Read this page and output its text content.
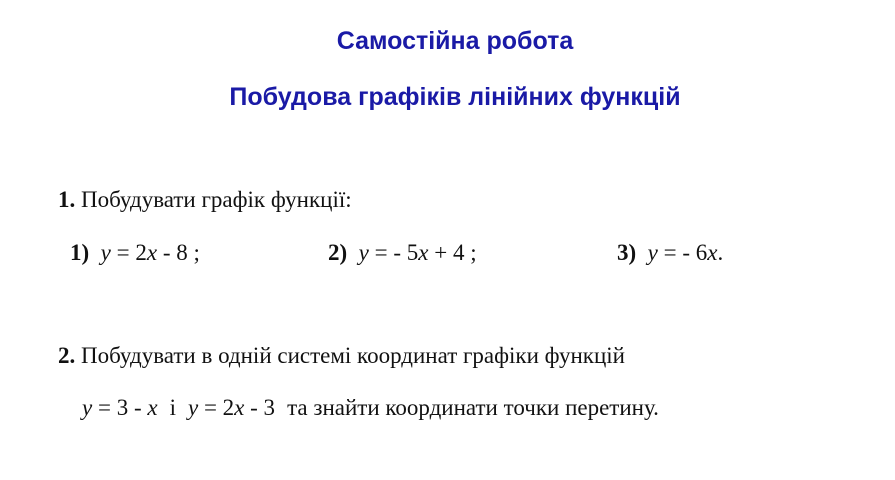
Самостійна робота
Побудова графіків лінійних функцій
1. Побудувати графік функції:
1) y = 2x - 8 ;	2) y = - 5x + 4 ;	3) y = - 6x.
2. Побудувати в одній системі координат графіки функцій
y = 3 - x і y = 2x - 3 та знайти координати точки перетину.
